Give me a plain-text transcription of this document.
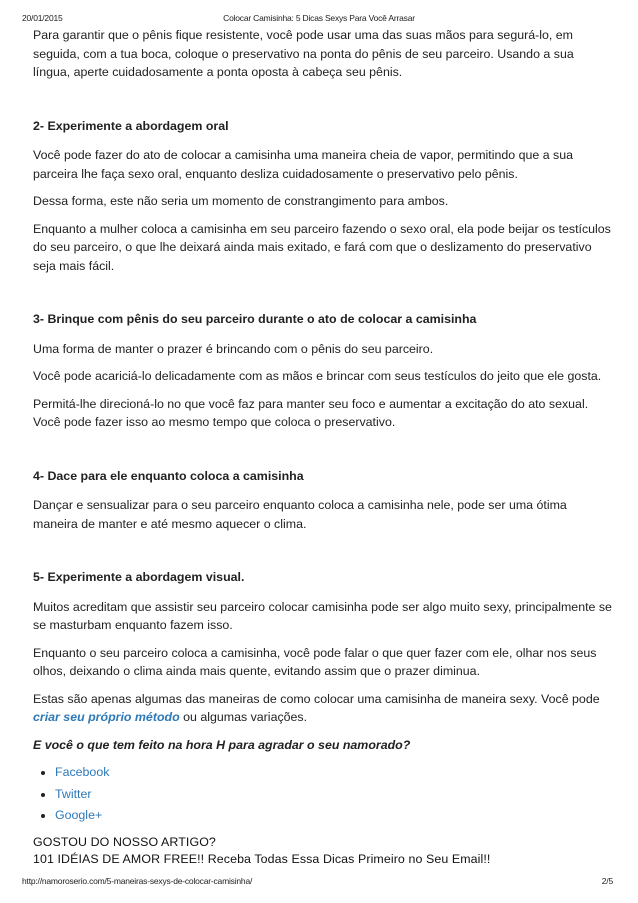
20/01/2015	Colocar Camisinha: 5 Dicas Sexys Para Você Arrasar

Para garantir que o pênis fique resistente, você pode usar uma das suas mãos para segurá-lo, em seguida, com a tua boca, coloque o preservativo na ponta do pênis de seu parceiro. Usando a sua língua, aperte cuidadosamente a ponta oposta à cabeça seu pênis.

2- Experimente a abordagem oral

Você pode fazer do ato de colocar a camisinha uma maneira cheia de vapor, permitindo que a sua parceira lhe faça sexo oral, enquanto desliza cuidadosamente o preservativo pelo pênis.

Dessa forma, este não seria um momento de constrangimento para ambos.

Enquanto a mulher coloca a camisinha em seu parceiro fazendo o sexo oral, ela pode beijar os testículos do seu parceiro, o que lhe deixará ainda mais exitado, e fará com que o deslizamento do preservativo seja mais fácil.

3- Brinque com pênis do seu parceiro durante o ato de colocar a camisinha

Uma forma de manter o prazer é brincando com o pênis do seu parceiro.

Você pode acariciá-lo delicadamente com as mãos e brincar com seus testículos do jeito que ele gosta.

Permitá-lhe direcioná-lo no que você faz para manter seu foco e aumentar a excitação do ato sexual. Você pode fazer isso ao mesmo tempo que coloca o preservativo.

4- Dace para ele enquanto coloca a camisinha

Dançar e sensualizar para o seu parceiro enquanto coloca a camisinha nele, pode ser uma ótima maneira de manter e até mesmo aquecer o clima.

5- Experimente a abordagem visual.

Muitos acreditam que assistir seu parceiro colocar camisinha pode ser algo muito sexy, principalmente se se masturbam enquanto fazem isso.

Enquanto o seu parceiro coloca a camisinha, você pode falar o que quer fazer com ele, olhar nos seus olhos, deixando o clima ainda mais quente, evitando assim que o prazer diminua.

Estas são apenas algumas das maneiras de como colocar uma camisinha de maneira sexy. Você pode criar seu próprio método ou algumas variações.

E você o que tem feito na hora H para agradar o seu namorado?

• Facebook
• Twitter
• Google+

GOSTOU DO NOSSO ARTIGO?

101 IDÉIAS DE AMOR FREE!! Receba Todas Essa Dicas Primeiro no Seu Email!!

http://namoroserio.com/5-maneiras-sexys-de-colocar-camisinha/	2/5
